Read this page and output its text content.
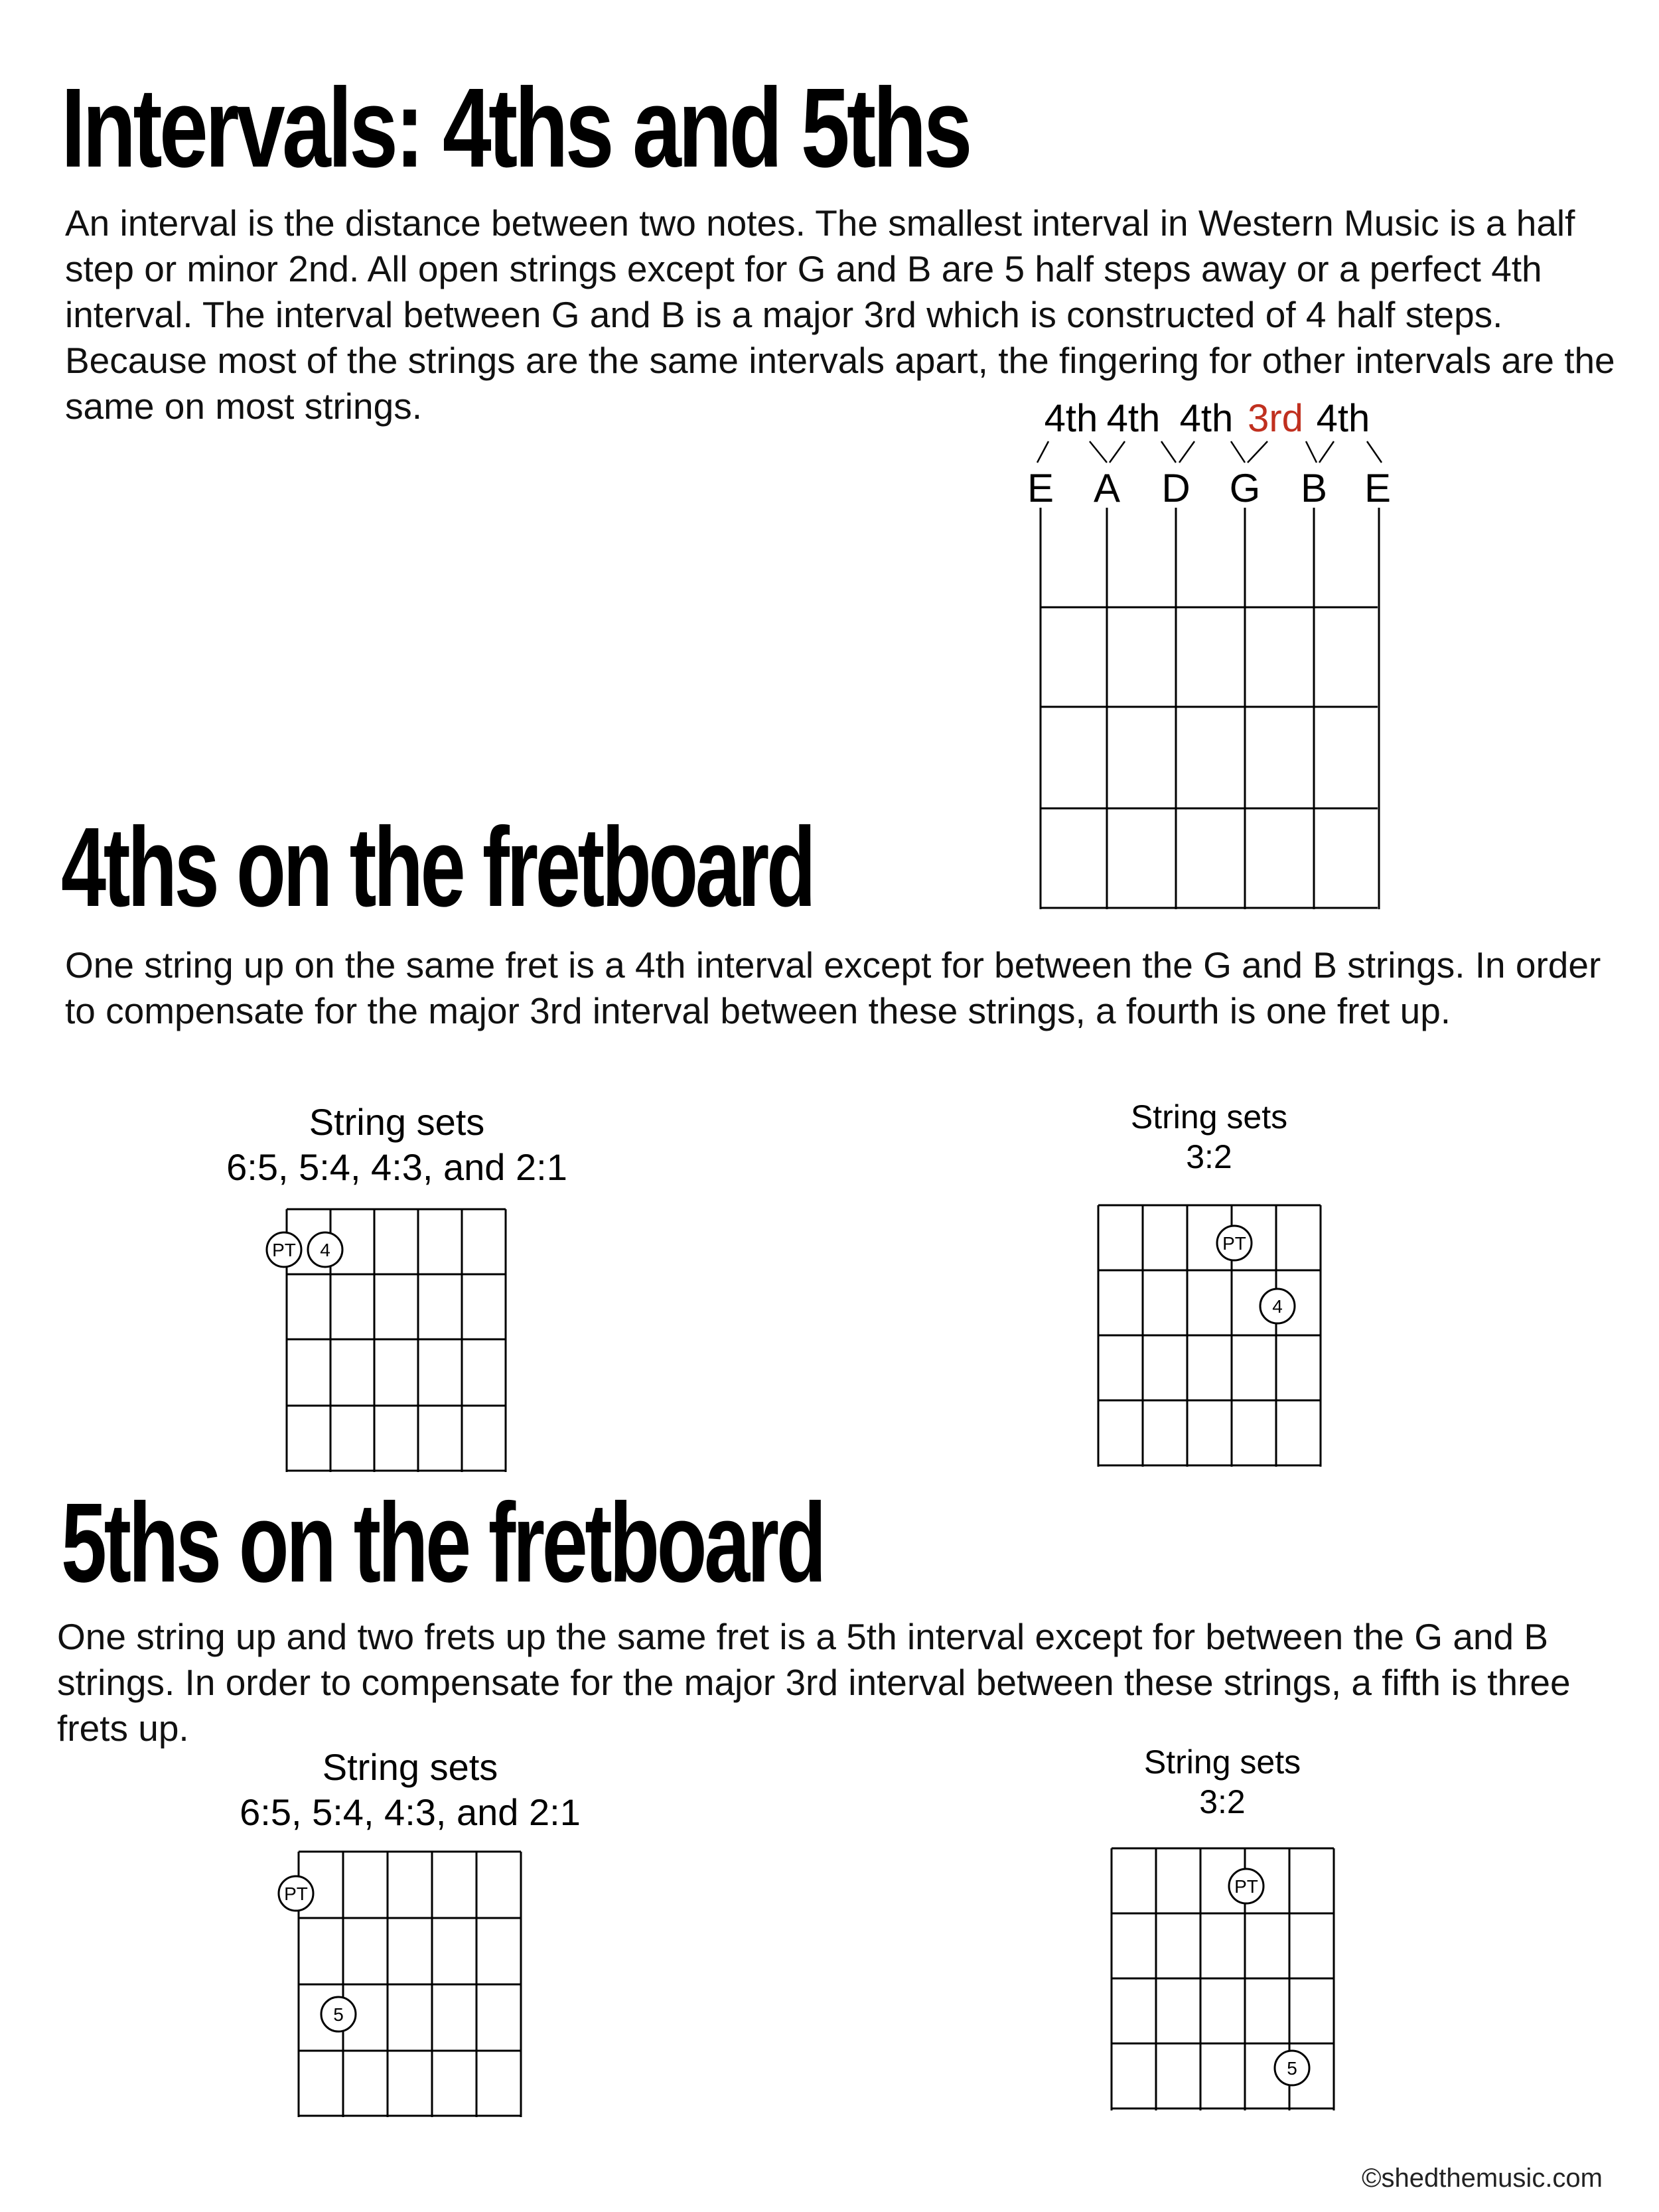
Intervals: 4ths and 5ths

An interval is the distance between two notes. The smallest interval in Western Music is a half step or minor 2nd. All open strings except for G and B are 5 half steps away or a perfect 4th interval. The interval between G and B is a major 3rd which is constructed of 4 half steps. Because most of the strings are the same intervals apart, the fingering for other intervals are the same on most strings.

4ths on the fretboard

One string up on the same fret is a 4th interval except for between the G and B strings. In order to compensate for the major 3rd interval between these strings, a fourth is one fret up.

5ths on the fretboard

One string up and two frets up the same fret is a 5th interval except for between the G and B strings. In order to compensate for the major 3rd interval between these strings, a fifth is three frets up.

4th 4th 4th 3rd 4th
E A D G B E
String sets
6:5, 5:4, 4:3, and 2:1
PT 4
String sets
3:2
PT
4
String sets
6:5, 5:4, 4:3, and 2:1
PT
5
String sets
3:2
PT
5
©shedthemusic.com
